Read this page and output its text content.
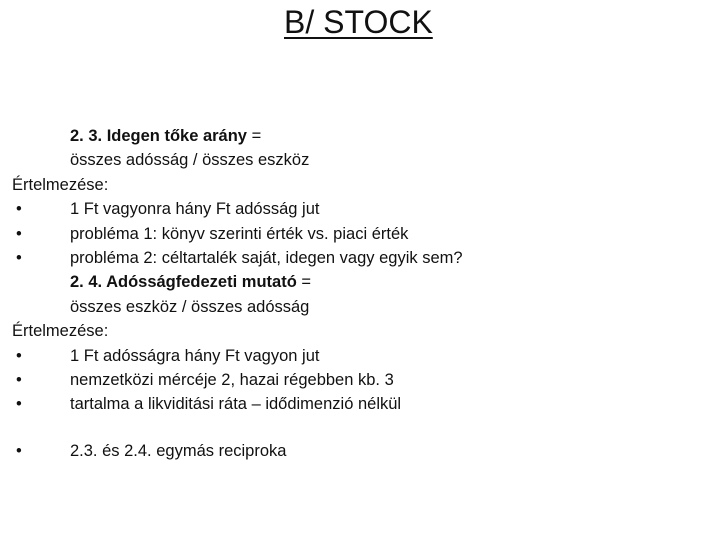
B/ STOCK
2. 3. Idegen tőke arány =
összes adósság / összes eszköz
Értelmezése:
•	1 Ft vagyonra hány Ft adósság jut
•	probléma 1: könyv szerinti érték vs. piaci érték
•	probléma 2: céltartalék saját, idegen vagy egyik sem?
2. 4. Adósságfedezeti mutató =
összes eszköz / összes adósság
Értelmezése:
•	1 Ft adósságra hány Ft vagyon jut
•	nemzetközi mércéje 2, hazai régebben kb. 3
•	tartalma a likviditási ráta – idődimenzió nélkül
•	2.3. és 2.4. egymás reciproka
